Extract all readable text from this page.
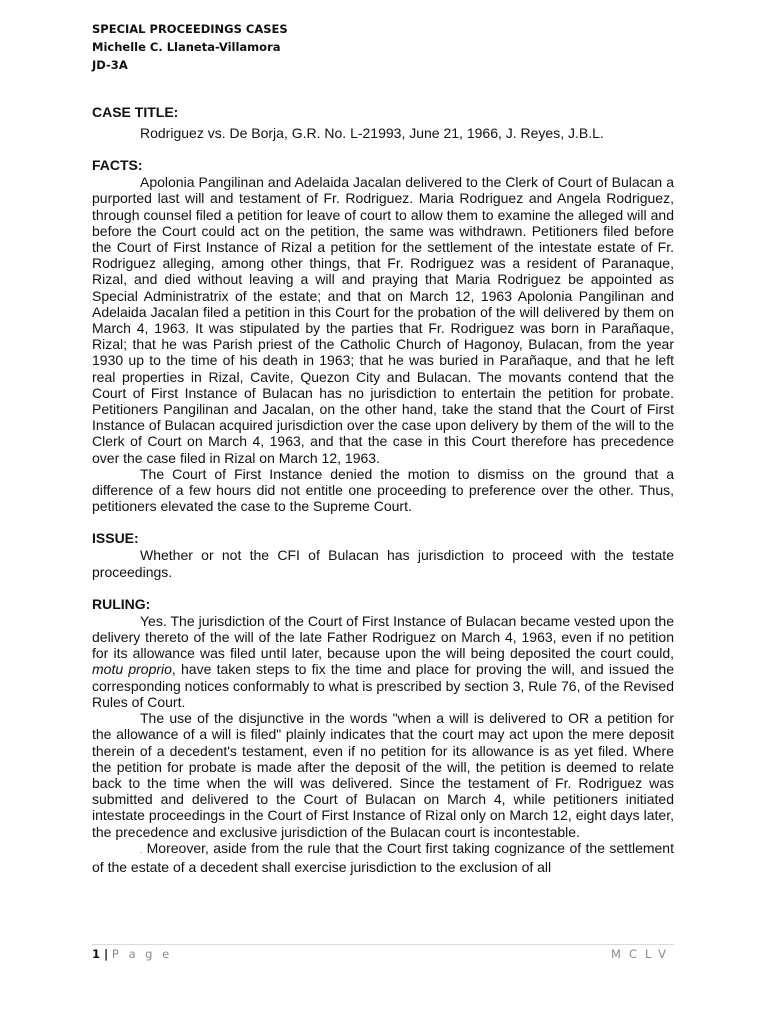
SPECIAL PROCEEDINGS CASES
Michelle C. Llaneta-Villamora
JD-3A
CASE TITLE:
Rodriguez vs. De Borja, G.R. No. L-21993, June 21, 1966, J. Reyes, J.B.L.
FACTS:

Apolonia Pangilinan and Adelaida Jacalan delivered to the Clerk of Court of Bulacan a purported last will and testament of Fr. Rodriguez. Maria Rodriguez and Angela Rodriguez, through counsel filed a petition for leave of court to allow them to examine the alleged will and before the Court could act on the petition, the same was withdrawn. Petitioners filed before the Court of First Instance of Rizal a petition for the settlement of the intestate estate of Fr. Rodriguez alleging, among other things, that Fr. Rodriguez was a resident of Paranaque, Rizal, and died without leaving a will and praying that Maria Rodriguez be appointed as Special Administratrix of the estate; and that on March 12, 1963 Apolonia Pangilinan and Adelaida Jacalan filed a petition in this Court for the probation of the will delivered by them on March 4, 1963. It was stipulated by the parties that Fr. Rodriguez was born in Parañaque, Rizal; that he was Parish priest of the Catholic Church of Hagonoy, Bulacan, from the year 1930 up to the time of his death in 1963; that he was buried in Parañaque, and that he left real properties in Rizal, Cavite, Quezon City and Bulacan. The movants contend that the Court of First Instance of Bulacan has no jurisdiction to entertain the petition for probate. Petitioners Pangilinan and Jacalan, on the other hand, take the stand that the Court of First Instance of Bulacan acquired jurisdiction over the case upon delivery by them of the will to the Clerk of Court on March 4, 1963, and that the case in this Court therefore has precedence over the case filed in Rizal on March 12, 1963.

The Court of First Instance denied the motion to dismiss on the ground that a difference of a few hours did not entitle one proceeding to preference over the other. Thus, petitioners elevated the case to the Supreme Court.

ISSUE:

Whether or not the CFI of Bulacan has jurisdiction to proceed with the testate proceedings.

RULING:

Yes. The jurisdiction of the Court of First Instance of Bulacan became vested upon the delivery thereto of the will of the late Father Rodriguez on March 4, 1963, even if no petition for its allowance was filed until later, because upon the will being deposited the court could, motu proprio, have taken steps to fix the time and place for proving the will, and issued the corresponding notices conformably to what is prescribed by section 3, Rule 76, of the Revised Rules of Court.

The use of the disjunctive in the words "when a will is delivered to OR a petition for the allowance of a will is filed" plainly indicates that the court may act upon the mere deposit therein of a decedent's testament, even if no petition for its allowance is as yet filed. Where the petition for probate is made after the deposit of the will, the petition is deemed to relate back to the time when the will was delivered. Since the testament of Fr. Rodriguez was submitted and delivered to the Court of Bulacan on March 4, while petitioners initiated intestate proceedings in the Court of First Instance of Rizal only on March 12, eight days later, the precedence and exclusive jurisdiction of the Bulacan court is incontestable.

. Moreover, aside from the rule that the Court first taking cognizance of the settlement of the estate of a decedent shall exercise jurisdiction to the exclusion of all

1 | P a g e	MCLV
